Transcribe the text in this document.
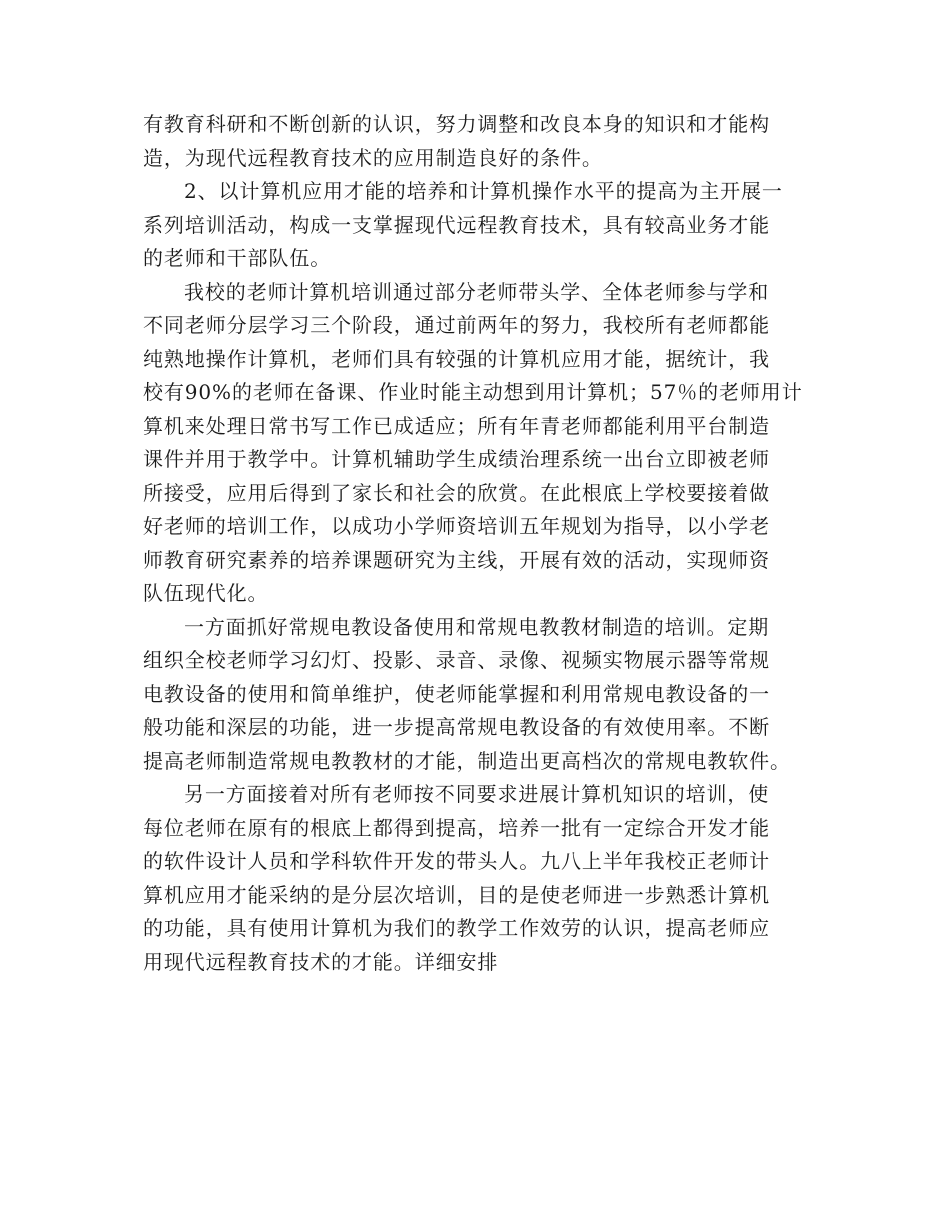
有教育科研和不断创新的认识，努力调整和改良本身的知识和才能构
造，为现代远程教育技术的应用制造良好的条件。
2、以计算机应用才能的培养和计算机操作水平的提高为主开展一
系列培训活动，构成一支掌握现代远程教育技术，具有较高业务才能
的老师和干部队伍。
我校的老师计算机培训通过部分老师带头学、全体老师参与学和
不同老师分层学习三个阶段，通过前两年的努力，我校所有老师都能
纯熟地操作计算机，老师们具有较强的计算机应用才能，据统计，我
校有90%的老师在备课、作业时能主动想到用计算机；57％的老师用计
算机来处理日常书写工作已成适应；所有年青老师都能利用平台制造
课件并用于教学中。计算机辅助学生成绩治理系统一出台立即被老师
所接受，应用后得到了家长和社会的欣赏。在此根底上学校要接着做
好老师的培训工作，以成功小学师资培训五年规划为指导，以小学老
师教育研究素养的培养课题研究为主线，开展有效的活动，实现师资
队伍现代化。
一方面抓好常规电教设备使用和常规电教教材制造的培训。定期
组织全校老师学习幻灯、投影、录音、录像、视频实物展示器等常规
电教设备的使用和简单维护，使老师能掌握和利用常规电教设备的一
般功能和深层的功能，进一步提高常规电教设备的有效使用率。不断
提高老师制造常规电教教材的才能，制造出更高档次的常规电教软件。
另一方面接着对所有老师按不同要求进展计算机知识的培训，使
每位老师在原有的根底上都得到提高，培养一批有一定综合开发才能
的软件设计人员和学科软件开发的带头人。九八上半年我校正老师计
算机应用才能采纳的是分层次培训，目的是使老师进一步熟悉计算机
的功能，具有使用计算机为我们的教学工作效劳的认识，提高老师应
用现代远程教育技术的才能。详细安排
